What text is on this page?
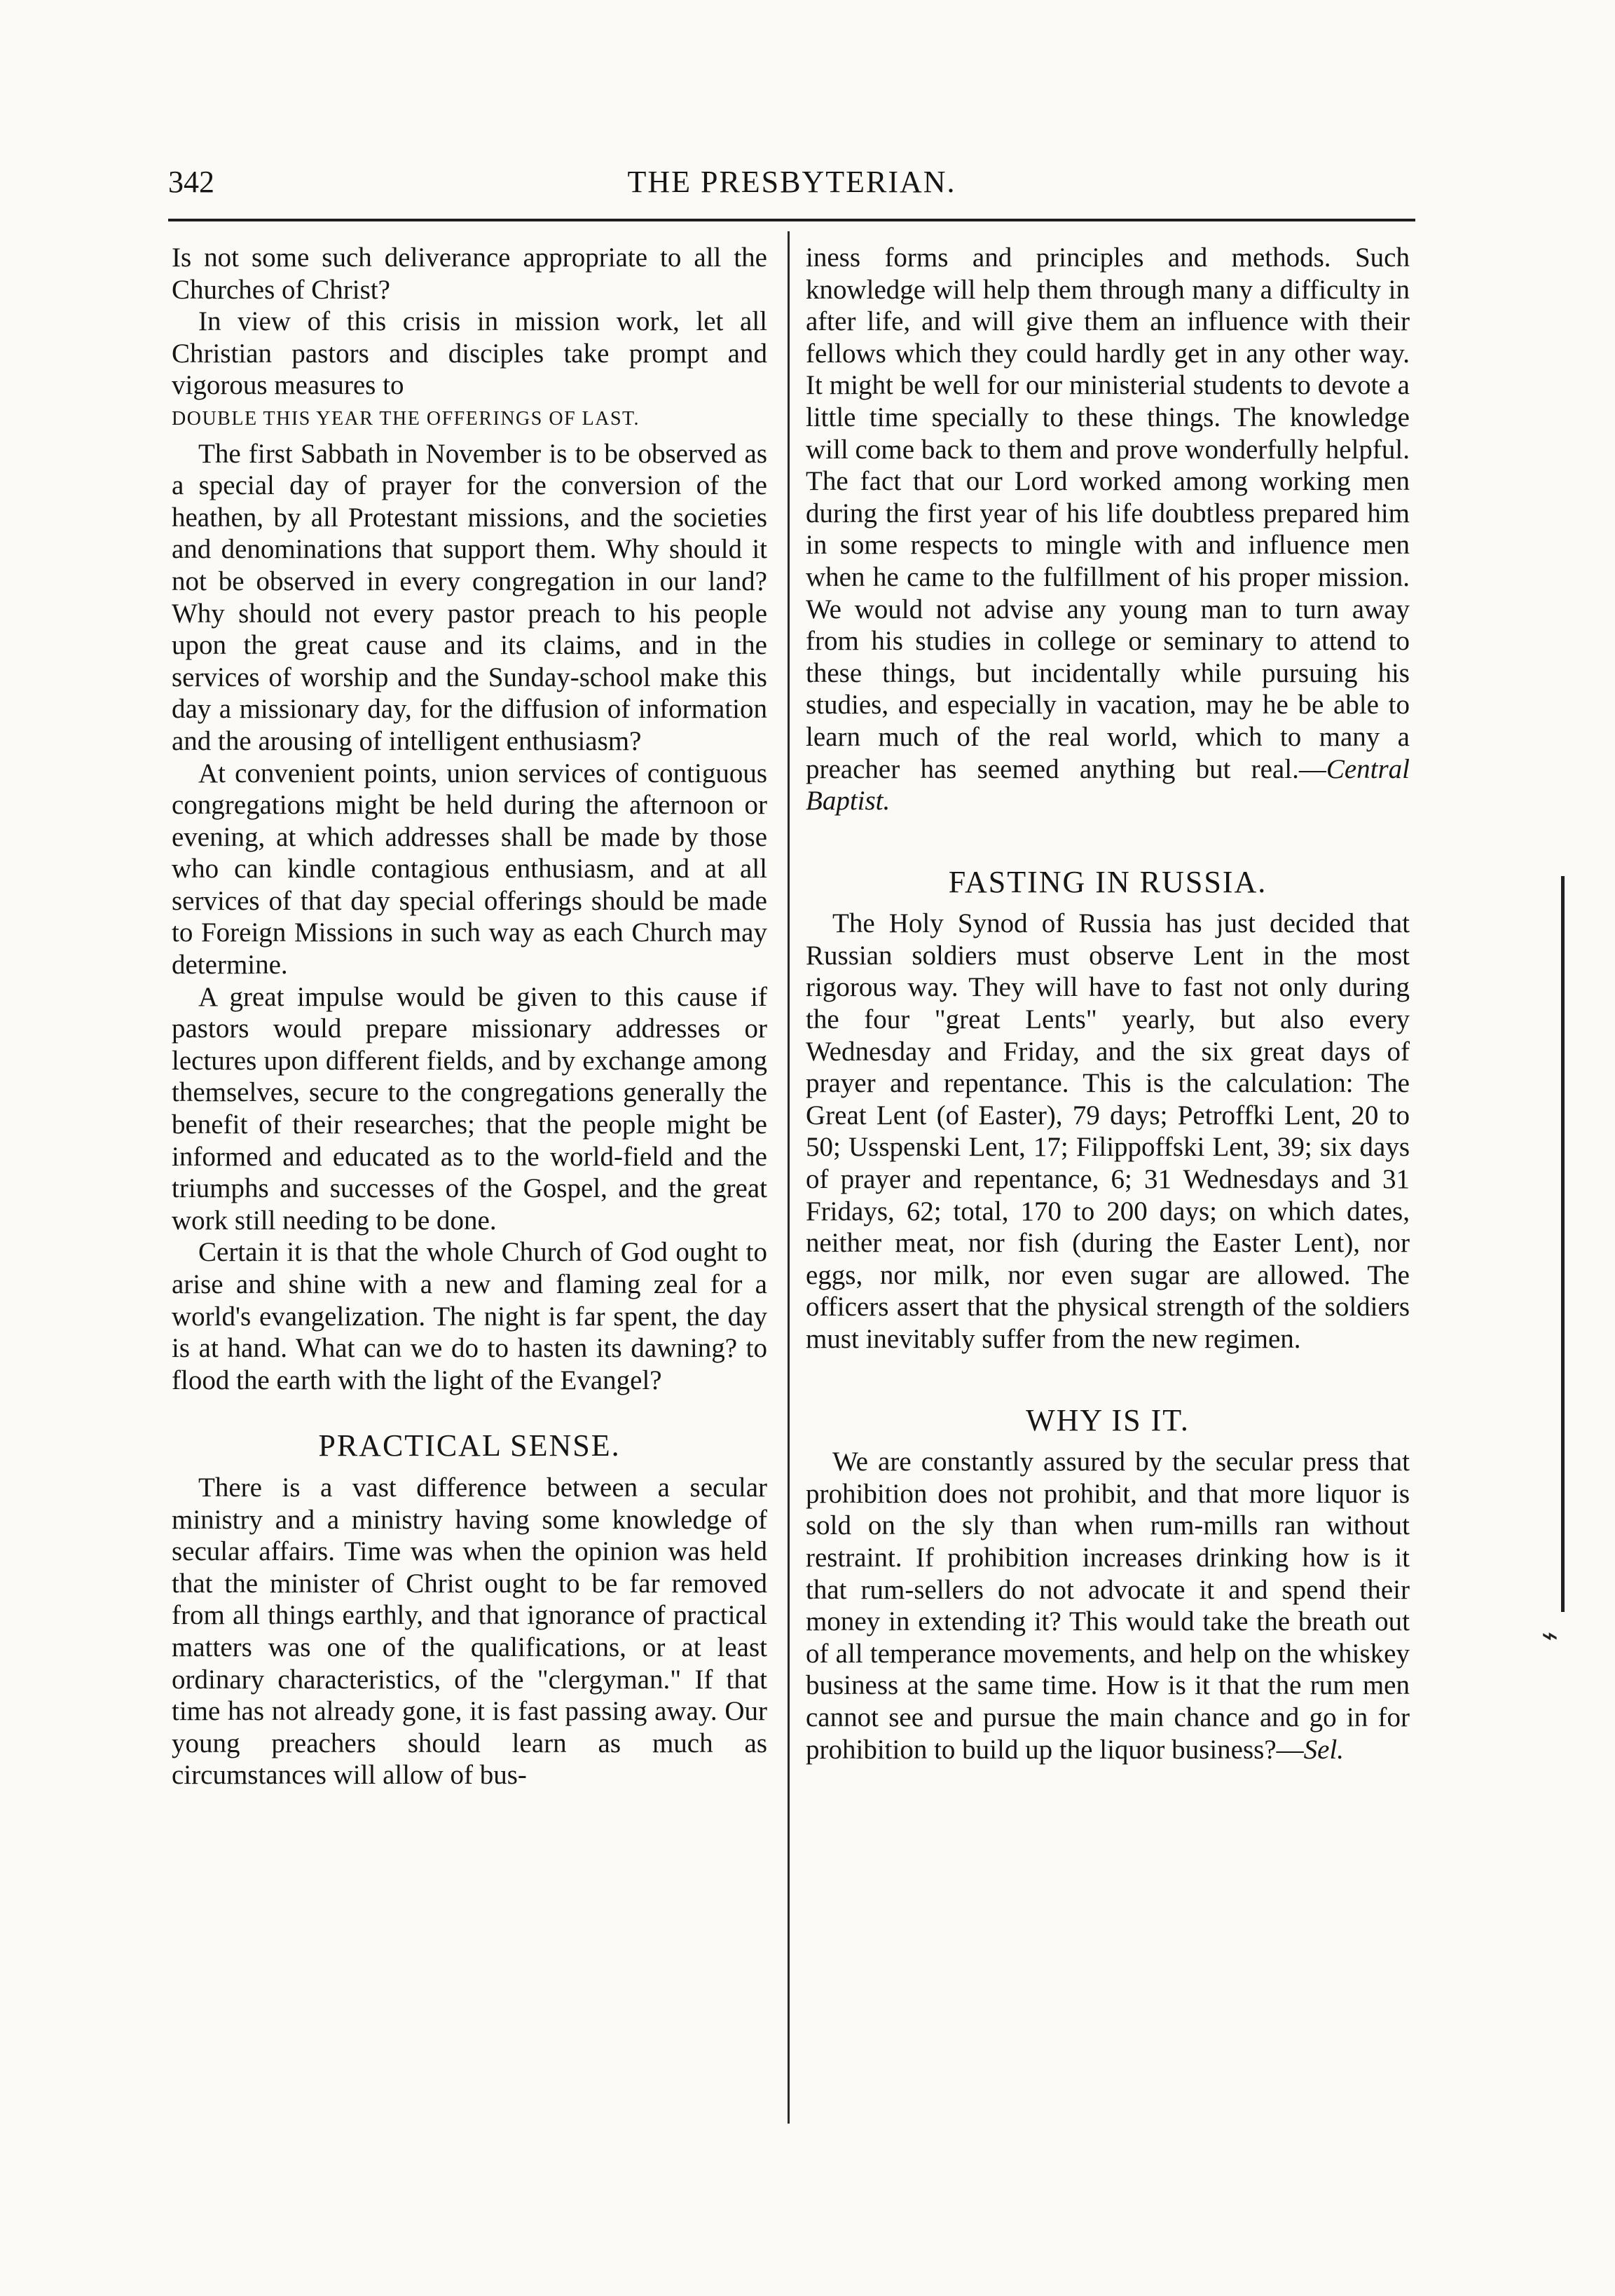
342	THE PRESBYTERIAN.

Is not some such deliverance appropriate to all the Churches of Christ?

In view of this crisis in mission work, let all Christian pastors and disciples take prompt and vigorous measures to

DOUBLE THIS YEAR THE OFFERINGS OF LAST.

The first Sabbath in November is to be observed as a special day of prayer for the conversion of the heathen, by all Protestant missions, and the societies and denominations that support them. Why should it not be observed in every congregation in our land? Why should not every pastor preach to his people upon the great cause and its claims, and in the services of worship and the Sunday-school make this day a missionary day, for the diffusion of information and the arousing of intelligent enthusiasm?

At convenient points, union services of contiguous congregations might be held during the afternoon or evening, at which addresses shall be made by those who can kindle contagious enthusiasm, and at all services of that day special offerings should be made to Foreign Missions in such way as each Church may determine.

A great impulse would be given to this cause if pastors would prepare missionary addresses or lectures upon different fields, and by exchange among themselves, secure to the congregations generally the benefit of their researches; that the people might be informed and educated as to the world-field and the triumphs and successes of the Gospel, and the great work still needing to be done.

Certain it is that the whole Church of God ought to arise and shine with a new and flaming zeal for a world's evangelization. The night is far spent, the day is at hand. What can we do to hasten its dawning? to flood the earth with the light of the Evangel?

PRACTICAL SENSE.

There is a vast difference between a secular ministry and a ministry having some knowledge of secular affairs. Time was when the opinion was held that the minister of Christ ought to be far removed from all things earthly, and that ignorance of practical matters was one of the qualifications, or at least ordinary characteristics, of the "clergyman." If that time has not already gone, it is fast passing away. Our young preachers should learn as much as circumstances will allow of bus-

iness forms and principles and methods. Such knowledge will help them through many a difficulty in after life, and will give them an influence with their fellows which they could hardly get in any other way. It might be well for our ministerial students to devote a little time specially to these things. The knowledge will come back to them and prove wonderfully helpful. The fact that our Lord worked among working men during the first year of his life doubtless prepared him in some respects to mingle with and influence men when he came to the fulfillment of his proper mission. We would not advise any young man to turn away from his studies in college or seminary to attend to these things, but incidentally while pursuing his studies, and especially in vacation, may he be able to learn much of the real world, which to many a preacher has seemed anything but real.—Central Baptist.

FASTING IN RUSSIA.

The Holy Synod of Russia has just decided that Russian soldiers must observe Lent in the most rigorous way. They will have to fast not only during the four "great Lents" yearly, but also every Wednesday and Friday, and the six great days of prayer and repentance. This is the calculation: The Great Lent (of Easter), 79 days; Petroffki Lent, 20 to 50; Usspenski Lent, 17; Filippoffski Lent, 39; six days of prayer and repentance, 6; 31 Wednesdays and 31 Fridays, 62; total, 170 to 200 days; on which dates, neither meat, nor fish (during the Easter Lent), nor eggs, nor milk, nor even sugar are allowed. The officers assert that the physical strength of the soldiers must inevitably suffer from the new regimen.

WHY IS IT.

We are constantly assured by the secular press that prohibition does not prohibit, and that more liquor is sold on the sly than when rum-mills ran without restraint. If prohibition increases drinking how is it that rum-sellers do not advocate it and spend their money in extending it? This would take the breath out of all temperance movements, and help on the whiskey business at the same time. How is it that the rum men cannot see and pursue the main chance and go in for prohibition to build up the liquor business?—Sel.

⌁
